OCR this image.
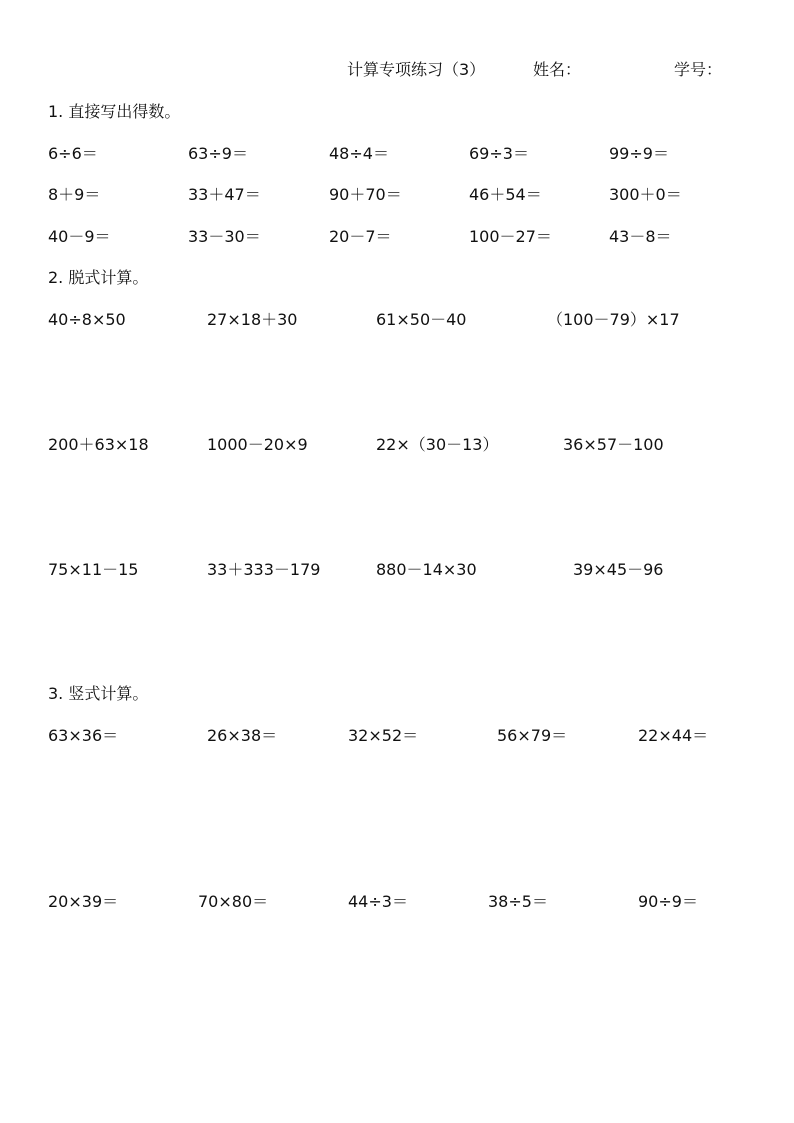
计算专项练习（3）	姓名：	学号：
1. 直接写出得数。
6÷6＝	63÷9＝	48÷4＝	69÷3＝	99÷9＝
8＋9＝	33＋47＝	90＋70＝	46＋54＝	300＋0＝
40－9＝	33－30＝	20－7＝	100－27＝	43－8＝
2. 脱式计算。
40÷8×50	27×18＋30	61×50－40	（100－79）×17
200＋63×18	1000－20×9	22×（30－13）	36×57－100
75×11－15	33＋333－179	880－14×30	39×45－96
3. 竖式计算。
63×36＝	26×38＝	32×52＝	56×79＝	22×44＝
20×39＝	70×80＝	44÷3＝	38÷5＝	90÷9＝
